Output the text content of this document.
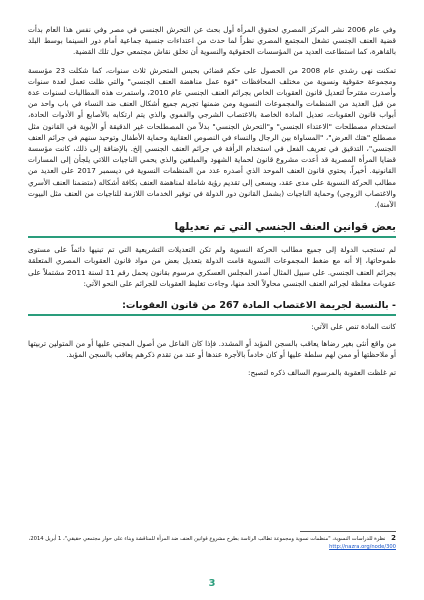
وفي عام 2006 نشر المركز المصري لحقوق المرأة أول بحث عن التحرش الجنسي في مصر وفي نفس هذا العام بدأت قضية العنف الجنسي تشغل المجتمع المصري نظراً لما حدث من اعتداءات جنسية جماعية أمام دور السينما بوسط البلد بالقاهرة، كما استطاعت العديد من المؤسسات الحقوقية والنسوية أن تخلق نقاش مجتمعي حول تلك القضية.

تمكنت نهى رشدي عام 2008 من الحصول على حكم قضائي بحبس المتحرش ثلاث سنوات، كما شكلت 23 مؤسسة ومجموعة حقوقية ونسوية من مختلف المحافظات "قوة عمل مناهضة العنف الجنسي" والتي ظلت تعمل لعدة سنوات وأصدرت مقترحاً لتعديل قانون العقوبات الخاص بجرائم العنف الجنسي عام 2010، واستمرت هذه المطالبات لسنوات عدة من قبل العديد من المنظمات والمجموعات النسوية ومن ضمنها تجريم جميع أشكال العنف ضد النساء في باب واحد من أبواب قانون العقوبات، تعديل المادة الخاصة بالاغتصاب الشرجي والفموي والذي يتم ارتكابه بالأصابع أو الأدوات الحادة، استخدام مصطلحات "الاعتداء الجنسي" و"التحرش الجنسي" بدلاً من المصطلحات غير الدقيقة أو الأبوية في القانون مثل مصطلح "هتك العرض"، "المساواة بين الرجال والنساء في النصوص العقابية وحماية الأطفال وتوحيد سنهم في جرائم العنف الجنسي"، التدقيق في تعريف الفعل في استخدام الرأفة في جرائم العنف الجنسي إلخ. بالإضافة إلى ذلك، كانت مؤسسة قضايا المرأة المصرية قد أعدت مشروع قانون لحماية الشهود والمبلغين والذي يحمي الناجيات اللاتي يلجأن إلى المسارات القانونية. أخيراً، يحتوي قانون العنف الموحد الذي أصدره عدد من المنظمات النسوية في ديسمبر 2017 على العديد من مطالب الحركة النسوية على مدى عقد، ويسعى إلى تقديم رؤية شاملة لمناهضة العنف بكافة أشكاله (متضمنا العنف الأسري والاغتصاب الزوجي) وحماية الناجيات (بشمل القانون دور الدولة في توفير الخدمات اللازمة للناجيات من العنف مثل البيوت الآمنة).

بعض قوانين العنف الجنسي التي تم تعديلها

لم تستجب الدولة إلى جميع مطالب الحركة النسوية ولم تكن التعديلات التشريعية التي تم تبنيها دائماً على مستوى طموحاتها، إلا أنه مع ضغط المجموعات النسوية قامت الدولة بتعديل بعض من مواد قانون العقوبات المصري المتعلقة بجرائم العنف الجنسي. على سبيل المثال أصدر المجلس العسكري مرسوم بقانون يحمل رقم 11 لسنة 2011 مشتملاً على عقوبات مغلظة لجرائم العنف الجنسي محاولاً الحد منها، وجاءت تغليظ العقوبات للجرائم على النحو الآتي:

- بالنسبة لجريمة الاغتصاب المادة 267 من قانون العقوبات:

كانت المادة تنص على الآتي:

من واقع أنثى بغير رضاها يعاقب بالسجن المؤبد أو المشدد. فإذا كان الفاعل من أصول المجني عليها أو من المتولين تربيتها أو ملاحظتها أو ممن لهم سلطة عليها أو كان خادماً بالأجرة عندها أو عند من تقدم ذكرهم يعاقب بالسجن المؤبد.

تم غلظت العقوبة بالمرسوم السالف ذكره لتصبح:

2 نظرة للدراسات النسوية، "منظمات نسوية ومجموعة تطالب الرئاسة بطرح مشروع قوانين العنف ضد المرأة للمناقشة وبناء على حوار مجتمعي حقيقي"، 1 أبريل 2014، http://nazra.org/node/300
3
